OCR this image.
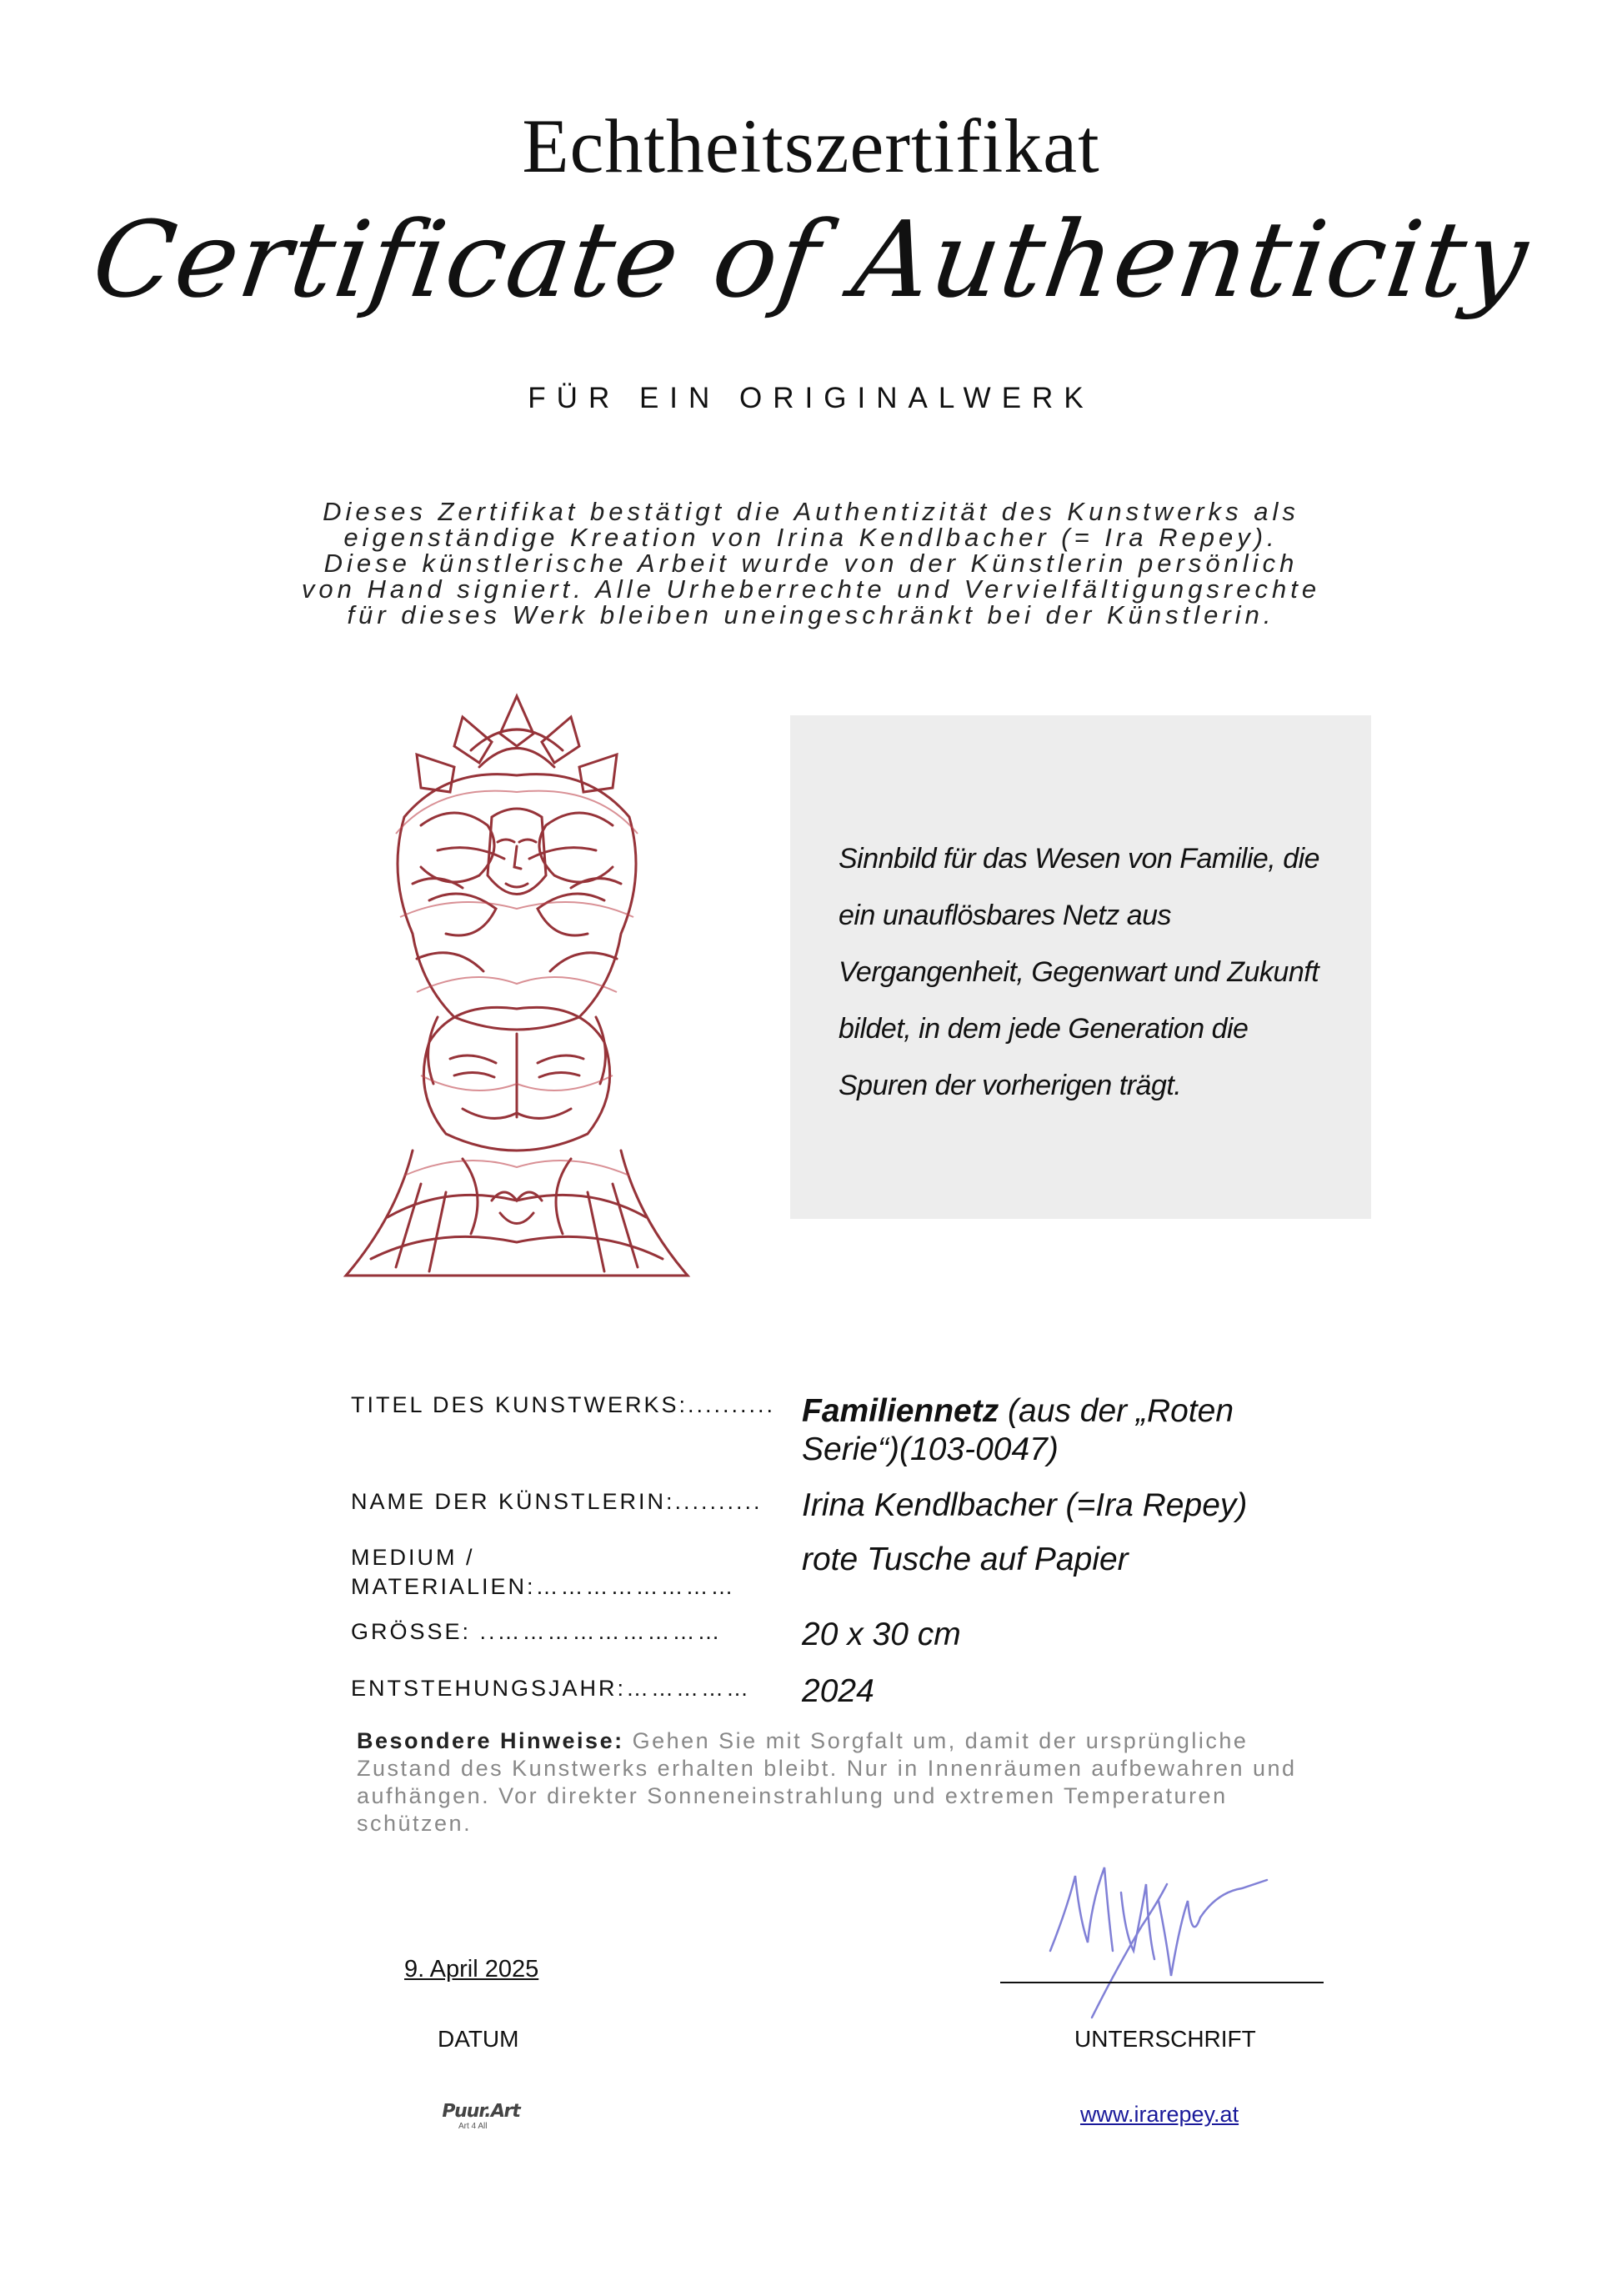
Echtheitszertifikat
Certificate of Authenticity
FÜR EIN ORIGINALWERK
Dieses Zertifikat bestätigt die Authentizität des Kunstwerks als
eigenständige Kreation von Irina Kendlbacher (= Ira Repey).
Diese künstlerische Arbeit wurde von der Künstlerin persönlich
von Hand signiert. Alle Urheberrechte und Vervielfältigungsrechte
für dieses Werk bleiben uneingeschränkt bei der Künstlerin.
Sinnbild für das Wesen von Familie, die
ein unauflösbares Netz aus
Vergangenheit, Gegenwart und Zukunft
bildet, in dem jede Generation die
Spuren der vorherigen trägt.
TITEL DES KUNSTWERKS:.......... Familiennetz (aus der „Roten Serie“)(103-0047)
NAME DER KÜNSTLERIN:.......... Irina Kendlbacher (=Ira Repey)
MEDIUM /
MATERIALIEN:……………………
rote Tusche auf Papier
GRÖSSE: ..……………………… 20 x 30 cm
ENTSTEHUNGSJAHR:…………… 2024
Besondere Hinweise: Gehen Sie mit Sorgfalt um, damit der ursprüngliche Zustand des Kunstwerks erhalten bleibt. Nur in Innenräumen aufbewahren und aufhängen. Vor direkter Sonneneinstrahlung und extremen Temperaturen schützen.
9. April 2025
DATUM	UNTERSCHRIFT
Puur.Art
Art 4 All	www.irarepey.at
